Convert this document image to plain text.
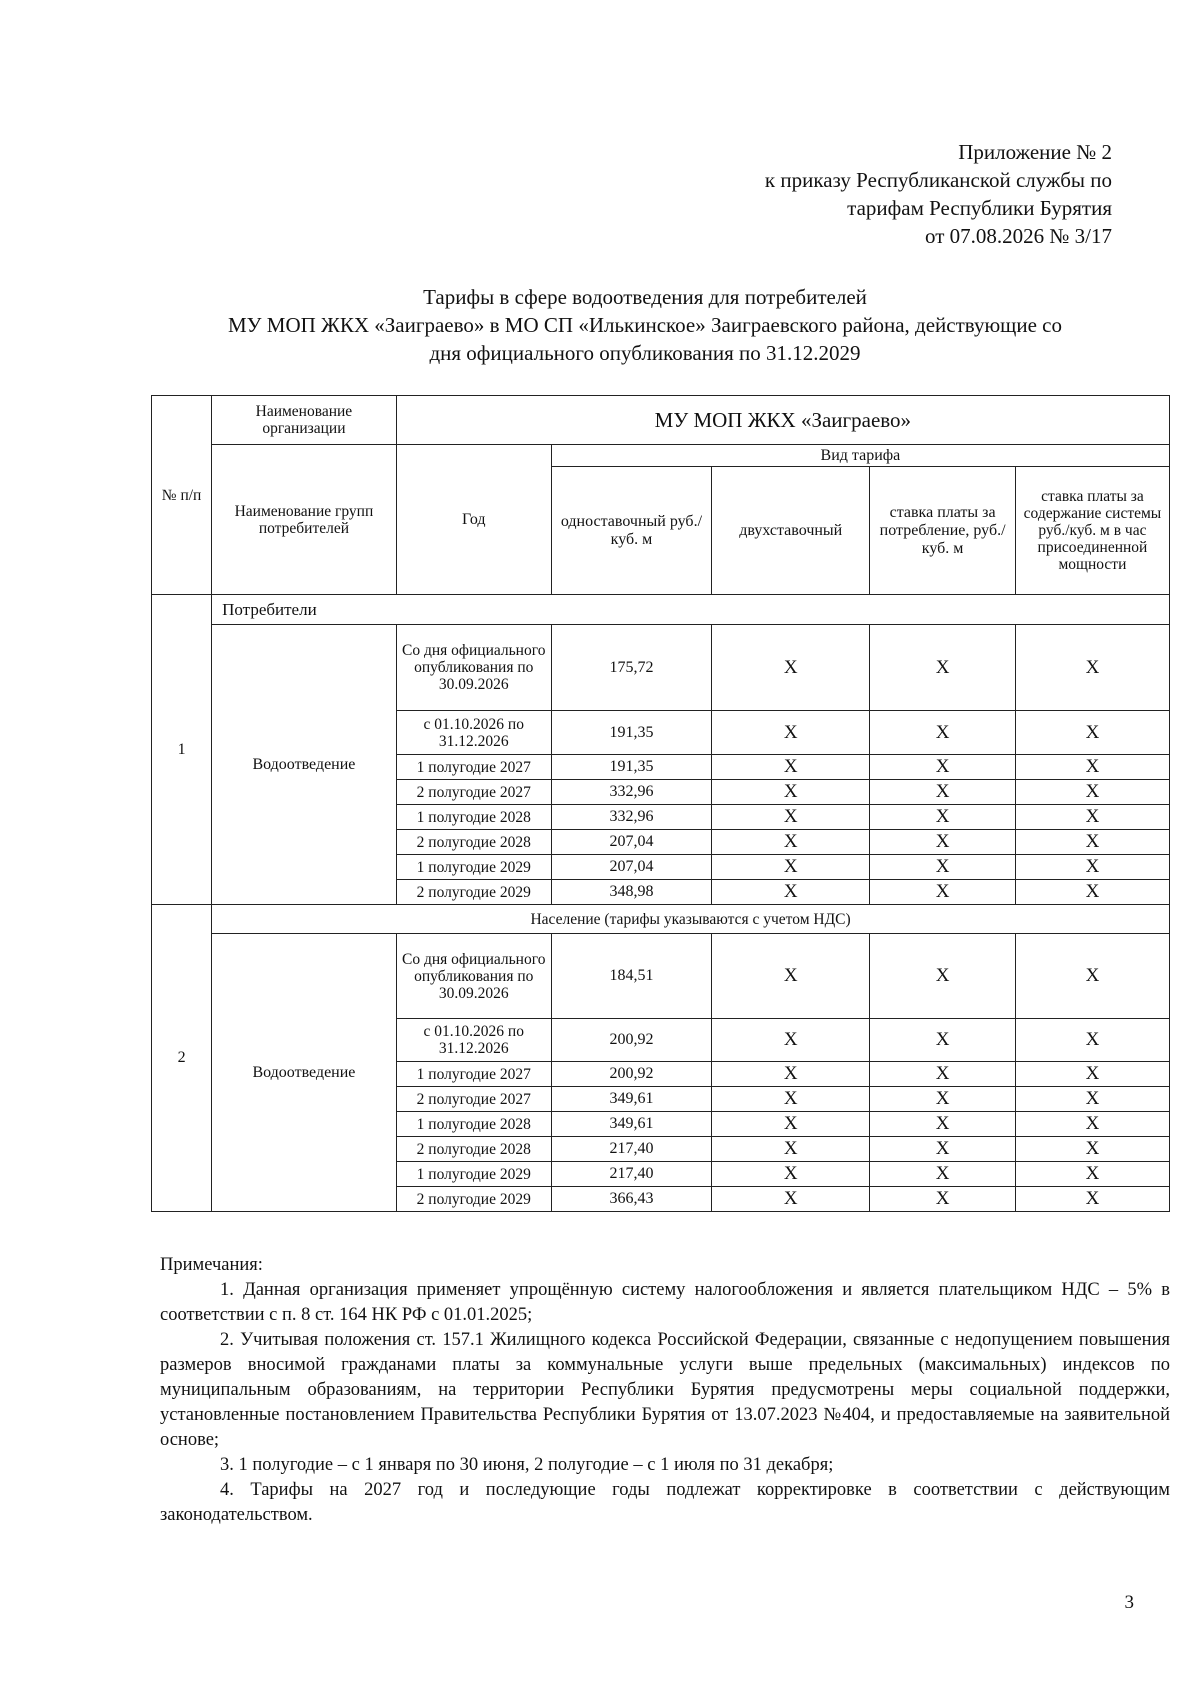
Приложение № 2
к приказу Республиканской службы по
тарифам Республики Бурятия
от 07.08.2026 № 3/17
Тарифы в сфере водоотведения для потребителей
МУ МОП ЖКХ «Заиграево» в МО СП «Илькинское» Заиграевского района, действующие со
дня официального опубликования по 31.12.2029
№ п/п	Наименование организации	МУ МОП ЖКХ «Заиграево»				
	Наименование групп потребителей	Год	Вид тарифа			
			одноставочный руб./ куб. м	двухставочный	ставка платы за потребление, руб./ куб. м	ставка платы за содержание системы руб./куб. м в час присоединенной мощности
1	Потребители					
	Водоотведение	Со дня официального опубликования по 30.09.2026	175,72	Х	Х	Х
		с 01.10.2026 по 31.12.2026	191,35	Х	Х	Х
		1 полугодие 2027	191,35	Х	Х	Х
		2 полугодие 2027	332,96	Х	Х	Х
		1 полугодие 2028	332,96	Х	Х	Х
		2 полугодие 2028	207,04	Х	Х	Х
		1 полугодие 2029	207,04	Х	Х	Х
		2 полугодие 2029	348,98	Х	Х	Х
2	Население (тарифы указываются с учетом НДС)					
	Водоотведение	Со дня официального опубликования по 30.09.2026	184,51	Х	Х	Х
		с 01.10.2026 по 31.12.2026	200,92	Х	Х	Х
		1 полугодие 2027	200,92	Х	Х	Х
		2 полугодие 2027	349,61	Х	Х	Х
		1 полугодие 2028	349,61	Х	Х	Х
		2 полугодие 2028	217,40	Х	Х	Х
		1 полугодие 2029	217,40	Х	Х	Х
		2 полугодие 2029	366,43	Х	Х	Х

Примечания:

1. Данная организация применяет упрощённую систему налогообложения и является плательщиком НДС – 5% в соответствии с п. 8 ст. 164 НК РФ с 01.01.2025;

2. Учитывая положения ст. 157.1 Жилищного кодекса Российской Федерации, связанные с недопущением повышения размеров вносимой гражданами платы за коммунальные услуги выше предельных (максимальных) индексов по муниципальным образованиям, на территории Республики Бурятия предусмотрены меры социальной поддержки, установленные постановлением Правительства Республики Бурятия от 13.07.2023 №404, и предоставляемые на заявительной основе;

3. 1 полугодие – с 1 января по 30 июня, 2 полугодие – с 1 июля по 31 декабря;

4. Тарифы на 2027 год и последующие годы подлежат корректировке в соответствии с действующим законодательством.

3
